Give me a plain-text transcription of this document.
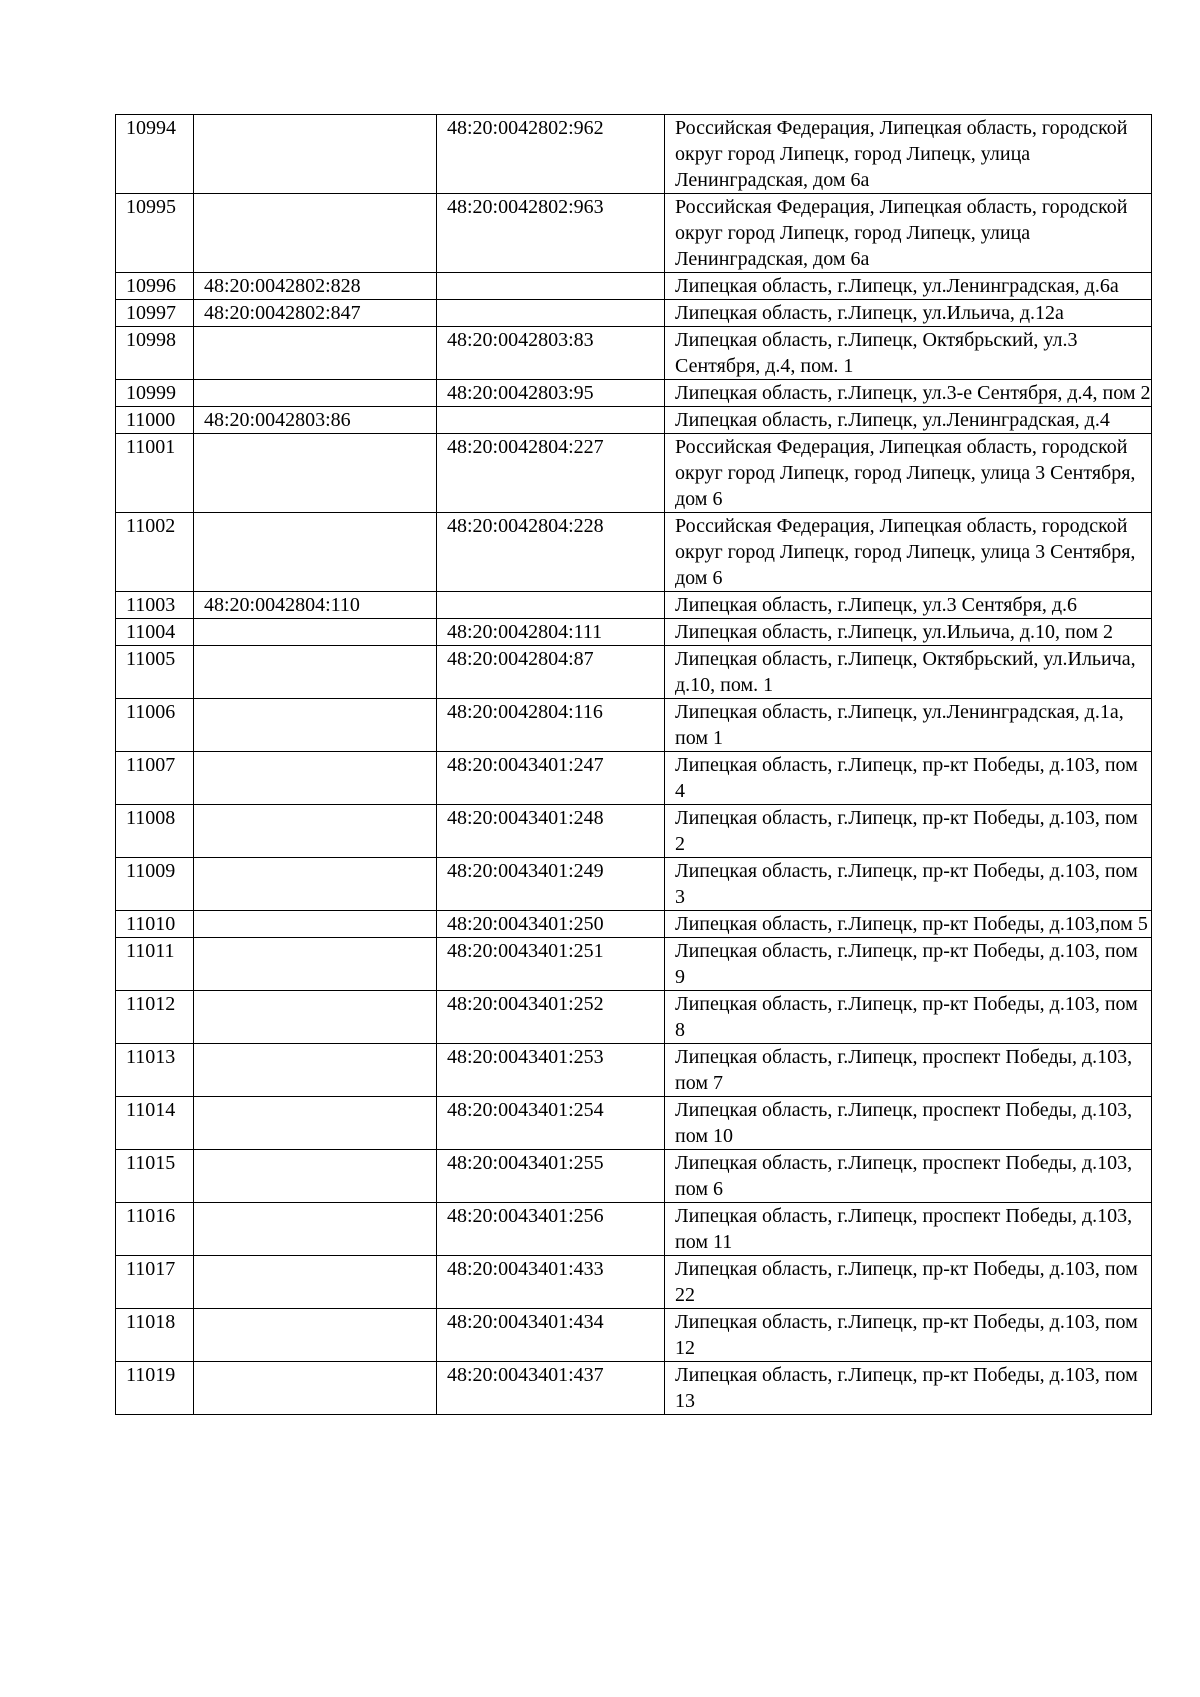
10994		48:20:0042802:962	Российская Федерация, Липецкая область, городской округ город Липецк, город Липецк, улица Ленинградская, дом 6а
10995		48:20:0042802:963	Российская Федерация, Липецкая область, городской округ город Липецк, город Липецк, улица Ленинградская, дом 6а
10996	48:20:0042802:828		Липецкая область, г.Липецк, ул.Ленинградская, д.6а
10997	48:20:0042802:847		Липецкая область, г.Липецк, ул.Ильича, д.12а
10998		48:20:0042803:83	Липецкая область, г.Липецк, Октябрьский, ул.3 Сентября, д.4, пом. 1
10999		48:20:0042803:95	Липецкая область, г.Липецк, ул.3-е Сентября, д.4, пом 2
11000	48:20:0042803:86		Липецкая область, г.Липецк, ул.Ленинградская, д.4
11001		48:20:0042804:227	Российская Федерация, Липецкая область, городской округ город Липецк, город Липецк, улица 3 Сентября, дом 6
11002		48:20:0042804:228	Российская Федерация, Липецкая область, городской округ город Липецк, город Липецк, улица 3 Сентября, дом 6
11003	48:20:0042804:110		Липецкая область, г.Липецк, ул.3 Сентября, д.6
11004		48:20:0042804:111	Липецкая область, г.Липецк, ул.Ильича, д.10, пом 2
11005		48:20:0042804:87	Липецкая область, г.Липецк, Октябрьский, ул.Ильича, д.10, пом. 1
11006		48:20:0042804:116	Липецкая область, г.Липецк, ул.Ленинградская, д.1а, пом 1
11007		48:20:0043401:247	Липецкая область, г.Липецк, пр-кт Победы, д.103, пом 4
11008		48:20:0043401:248	Липецкая область, г.Липецк, пр-кт Победы, д.103, пом 2
11009		48:20:0043401:249	Липецкая область, г.Липецк, пр-кт Победы, д.103, пом 3
11010		48:20:0043401:250	Липецкая область, г.Липецк, пр-кт Победы, д.103,пом 5
11011		48:20:0043401:251	Липецкая область, г.Липецк, пр-кт Победы, д.103, пом 9
11012		48:20:0043401:252	Липецкая область, г.Липецк, пр-кт Победы, д.103, пом 8
11013		48:20:0043401:253	Липецкая область, г.Липецк, проспект Победы, д.103, пом 7
11014		48:20:0043401:254	Липецкая область, г.Липецк, проспект Победы, д.103, пом 10
11015		48:20:0043401:255	Липецкая область, г.Липецк, проспект Победы, д.103, пом 6
11016		48:20:0043401:256	Липецкая область, г.Липецк, проспект Победы, д.103, пом 11
11017		48:20:0043401:433	Липецкая область, г.Липецк, пр-кт Победы, д.103, пом 22
11018		48:20:0043401:434	Липецкая область, г.Липецк, пр-кт Победы, д.103, пом 12
11019		48:20:0043401:437	Липецкая область, г.Липецк, пр-кт Победы, д.103, пом 13
